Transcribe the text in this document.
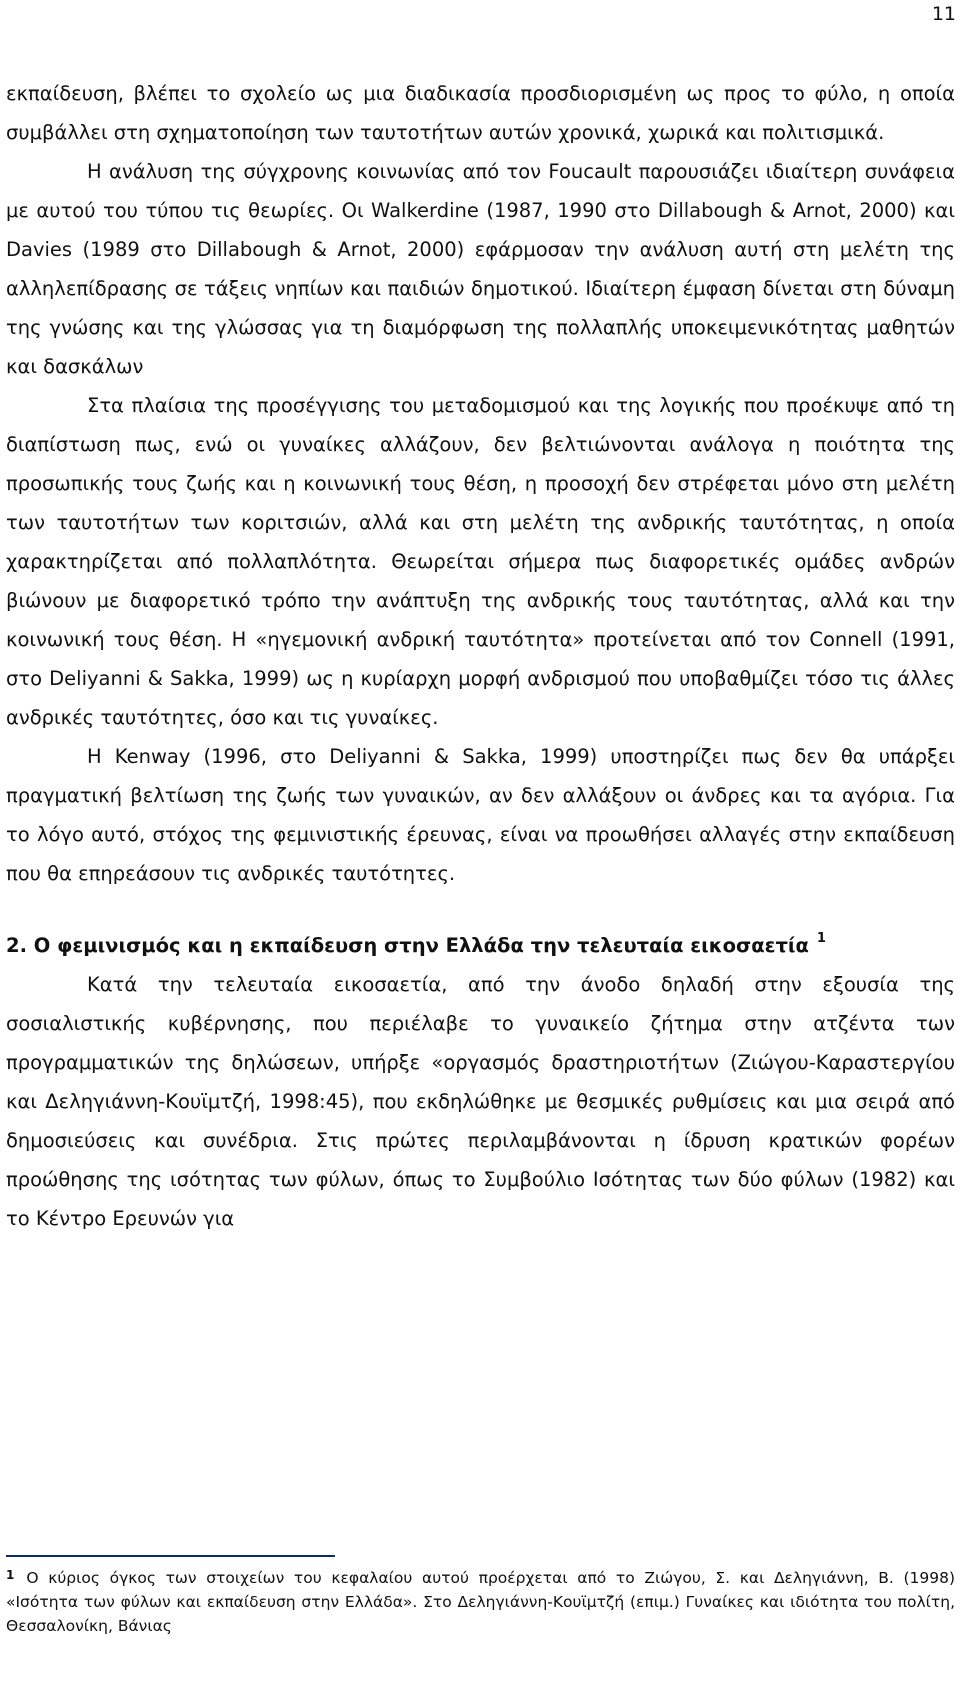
11

εκπαίδευση, βλέπει το σχολείο ως μια διαδικασία προσδιορισμένη ως προς το φύλο, η οποία συμβάλλει στη σχηματοποίηση των ταυτοτήτων αυτών χρονικά, χωρικά και πολιτισμικά.

Η ανάλυση της σύγχρονης κοινωνίας από τον Foucault παρουσιάζει ιδιαίτερη συνάφεια με αυτού του τύπου τις θεωρίες. Οι Walkerdine (1987, 1990 στο Dillabough & Arnot, 2000) και Davies (1989 στο Dillabough & Arnot, 2000) εφάρμοσαν την ανάλυση αυτή στη μελέτη της αλληλεπίδρασης σε τάξεις νηπίων και παιδιών δημοτικού. Ιδιαίτερη έμφαση δίνεται στη δύναμη της γνώσης και της γλώσσας για τη διαμόρφωση της πολλαπλής υποκειμενικότητας μαθητών και δασκάλων

Στα πλαίσια της προσέγγισης του μεταδομισμού και της λογικής που προέκυψε από τη διαπίστωση πως, ενώ οι γυναίκες αλλάζουν, δεν βελτιώνονται ανάλογα η ποιότητα της προσωπικής τους ζωής και η κοινωνική τους θέση, η προσοχή δεν στρέφεται μόνο στη μελέτη των ταυτοτήτων των κοριτσιών, αλλά και στη μελέτη της ανδρικής ταυτότητας, η οποία χαρακτηρίζεται από πολλαπλότητα. Θεωρείται σήμερα πως διαφορετικές ομάδες ανδρών βιώνουν με διαφορετικό τρόπο την ανάπτυξη της ανδρικής τους ταυτότητας, αλλά και την κοινωνική τους θέση. Η «ηγεμονική ανδρική ταυτότητα» προτείνεται από τον Connell (1991, στο Deliyanni & Sakka, 1999) ως η κυρίαρχη μορφή ανδρισμού που υποβαθμίζει τόσο τις άλλες ανδρικές ταυτότητες, όσο και τις γυναίκες.

Η Kenway (1996, στο Deliyanni & Sakka, 1999) υποστηρίζει πως δεν θα υπάρξει πραγματική βελτίωση της ζωής των γυναικών, αν δεν αλλάξουν οι άνδρες και τα αγόρια. Για το λόγο αυτό, στόχος της φεμινιστικής έρευνας, είναι να προωθήσει αλλαγές στην εκπαίδευση που θα επηρεάσουν τις ανδρικές ταυτότητες.

2. Ο φεμινισμός και η εκπαίδευση στην Ελλάδα την τελευταία εικοσαετία $^1$

Κατά την τελευταία εικοσαετία, από την άνοδο δηλαδή στην εξουσία της σοσιαλιστικής κυβέρνησης, που περιέλαβε το γυναικείο ζήτημα στην ατζέντα των προγραμματικών της δηλώσεων, υπήρξε «οργασμός δραστηριοτήτων (Ζιώγου-Καραστεργίου και Δεληγιάννη-Κουϊμτζή, 1998:45), που εκδηλώθηκε με θεσμικές ρυθμίσεις και μια σειρά από δημοσιεύσεις και συνέδρια. Στις πρώτες περιλαμβάνονται η ίδρυση κρατικών φορέων προώθησης της ισότητας των φύλων, όπως το Συμβούλιο Ισότητας των δύο φύλων (1982) και το Κέντρο Ερευνών για

$^1$ Ο κύριος όγκος των στοιχείων του κεφαλαίου αυτού προέρχεται από το Ζιώγου, Σ. και Δεληγιάννη, Β. (1998) «Ισότητα των φύλων και εκπαίδευση στην Ελλάδα». Στο Δεληγιάννη-Κουϊμτζή (επιμ.) Γυναίκες και ιδιότητα του πολίτη, Θεσσαλονίκη, Βάνιας
